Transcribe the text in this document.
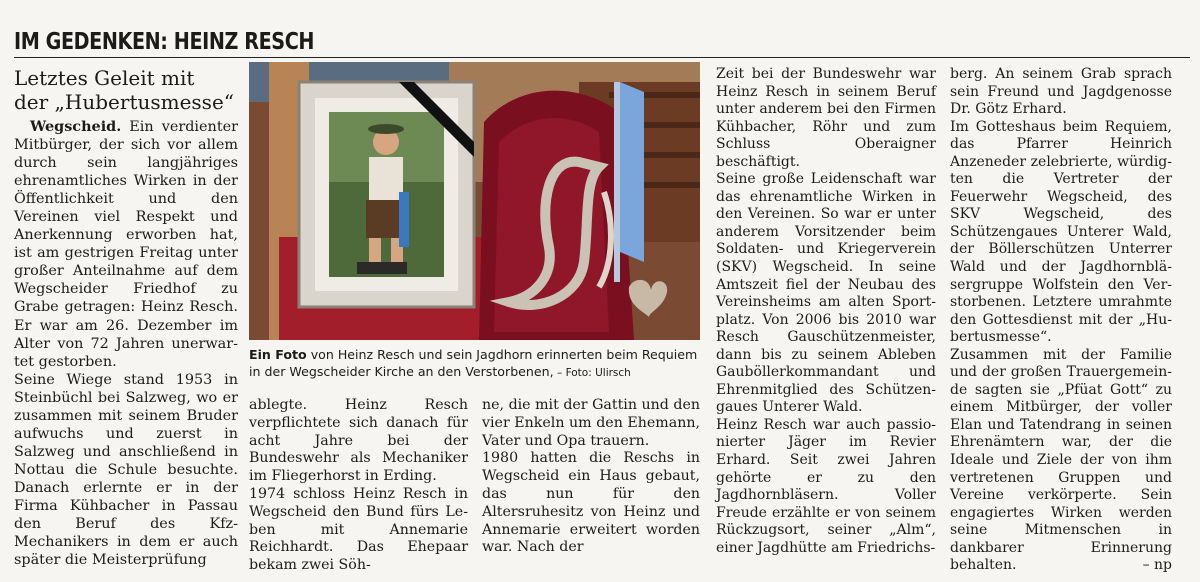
IM GEDENKEN: HEINZ RESCH
Letztes Geleit mit
der „Hubertusmesse“

Wegscheid. Ein verdienter Mitbürger, der sich vor allem durch sein langjähriges ehrenamtliches Wirken in der Öffentlichkeit und den Vereinen viel Respekt und Anerkennung erworben hat, ist am gestrigen Freitag unter großer Anteilnahme auf dem Wegscheider Friedhof zu Grabe getragen: Heinz Resch. Er war am 26. Dezember im Alter von 72 Jahren unerwartet gestorben.

Seine Wiege stand 1953 in Steinbüchl bei Salzweg, wo er zusammen mit seinem Bruder aufwuchs und zuerst in Salzweg und anschließend in Nottau die Schule besuchte. Danach erlernte er in der Firma Kühbacher in Passau den Beruf des Kfz-Mechanikers in dem er auch später die Meisterprüfung

Ein Foto von Heinz Resch und sein Jagdhorn erinnerten beim Requiem in der Wegscheider Kirche an den Verstorbenen, – Foto: Ulirsch

ablegte. Heinz Resch verpflichtete sich danach für acht Jahre bei der Bundeswehr als Mechaniker im Fliegerhorst in Erding.

1974 schloss Heinz Resch in Wegscheid den Bund fürs Leben mit Annemarie Reichhardt. Das Ehepaar bekam zwei Söh-

ne, die mit der Gattin und den vier Enkeln um den Ehemann, Vater und Opa trauern.

1980 hatten die Reschs in Wegscheid ein Haus gebaut, das nun für den Altersruhesitz von Heinz und Annemarie erweitert worden war. Nach der

Zeit bei der Bundeswehr war Heinz Resch in seinem Beruf unter anderem bei den Firmen Kühbacher, Röhr und zum Schluss Oberaigner beschäftigt.

Seine große Leidenschaft war das ehrenamtliche Wirken in den Vereinen. So war er unter anderem Vorsitzender beim Soldaten- und Kriegerverein (SKV) Wegscheid. In seine Amtszeit fiel der Neubau des Vereinsheims am alten Sportplatz. Von 2006 bis 2010 war Resch Gauschützenmeister, dann bis zu seinem Ableben Gauböllerkommandant und Ehrenmitglied des Schützengaues Unterer Wald.

Heinz Resch war auch passionierter Jäger im Revier Erhard. Seit zwei Jahren gehörte er zu den Jagdhornbläsern. Voller Freude erzählte er von seinem Rückzugsort, seiner „Alm“, einer Jagdhütte am Friedrichs-

berg. An seinem Grab sprach sein Freund und Jagdgenosse Dr. Götz Erhard.

Im Gotteshaus beim Requiem, das Pfarrer Heinrich Anzeneder zelebrierte, würdigten die Vertreter der Feuerwehr Wegscheid, des SKV Wegscheid, des Schützengaues Unterer Wald, der Böllerschützen Unterrer Wald und der Jagdhornbläsergruppe Wolfstein den Verstorbenen. Letztere umrahmte den Gottesdienst mit der „Hubertusmesse“.

Zusammen mit der Familie und der großen Trauergemeinde sagten sie „Pfüat Gott“ zu einem Mitbürger, der voller Elan und Tatendrang in seinen Ehrenämtern war, der die Ideale und Ziele der von ihm vertretenen Gruppen und Vereine verkörperte. Sein engagiertes Wirken werden seine Mitmenschen in dankbarer Erinnerung behalten.	– np
